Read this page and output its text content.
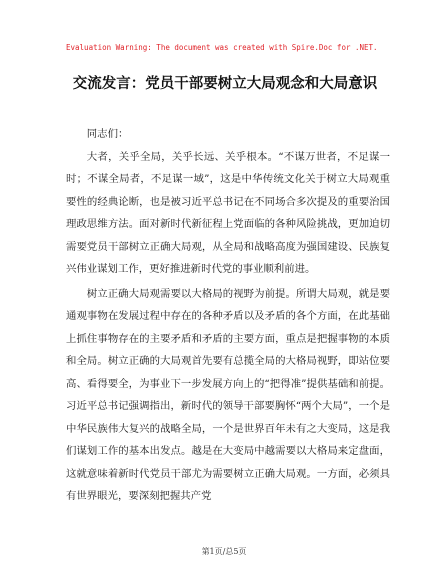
Evaluation Warning: The document was created with Spire.Doc for .NET.
交流发言：党员干部要树立大局观念和大局意识

同志们：

大者，关乎全局，关乎长远、关乎根本。“不谋万世者，不足谋一时；不谋全局者，不足谋一域”，这是中华传统文化关于树立大局观重要性的经典论断，也是被习近平总书记在不同场合多次提及的重要治国理政思维方法。面对新时代新征程上党面临的各种风险挑战，更加迫切需要党员干部树立正确大局观，从全局和战略高度为强国建设、民族复兴伟业谋划工作，更好推进新时代党的事业顺利前进。

树立正确大局观需要以大格局的视野为前提。所谓大局观，就是要通观事物在发展过程中存在的各种矛盾以及矛盾的各个方面，在此基础上抓住事物存在的主要矛盾和矛盾的主要方面，重点是把握事物的本质和全局。树立正确的大局观首先要有总揽全局的大格局视野，即站位要高、看得要全，为事业下一步发展方向上的“把得准”提供基础和前提。习近平总书记强调指出，新时代的领导干部要胸怀“两个大局”，一个是中华民族伟大复兴的战略全局，一个是世界百年未有之大变局，这是我们谋划工作的基本出发点。越是在大变局中越需要以大格局来定盘面，这就意味着新时代党员干部尤为需要树立正确大局观。一方面，必须具有世界眼光，要深刻把握共产党

第1页/总5页
